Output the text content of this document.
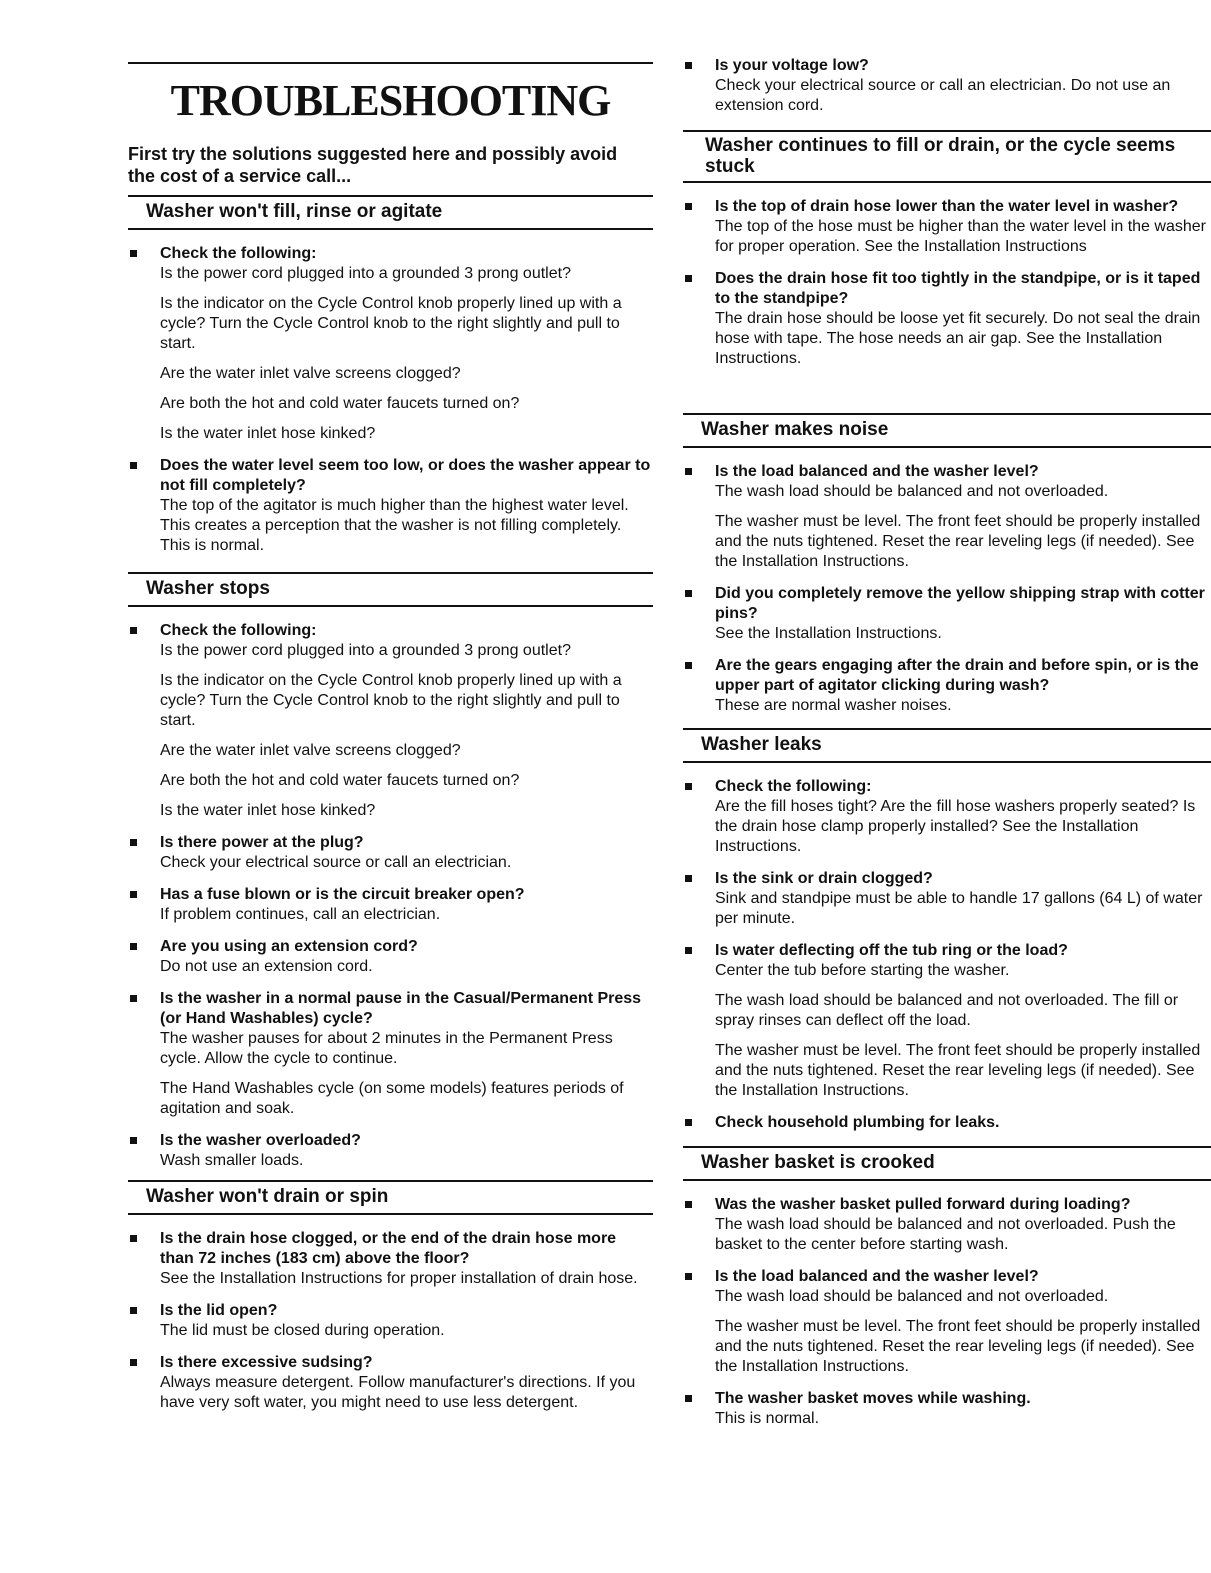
TROUBLESHOOTING
First try the solutions suggested here and possibly avoid the cost of a service call...
Washer won't fill, rinse or agitate
Check the following:
Is the power cord plugged into a grounded 3 prong outlet?
Is the indicator on the Cycle Control knob properly lined up with a cycle? Turn the Cycle Control knob to the right slightly and pull to start.
Are the water inlet valve screens clogged?
Are both the hot and cold water faucets turned on?
Is the water inlet hose kinked?
Does the water level seem too low, or does the washer appear to not fill completely?
The top of the agitator is much higher than the highest water level. This creates a perception that the washer is not filling completely. This is normal.
Washer stops
Check the following:
Is the power cord plugged into a grounded 3 prong outlet?
Is the indicator on the Cycle Control knob properly lined up with a cycle? Turn the Cycle Control knob to the right slightly and pull to start.
Are the water inlet valve screens clogged?
Are both the hot and cold water faucets turned on?
Is the water inlet hose kinked?
Is there power at the plug?
Check your electrical source or call an electrician.
Has a fuse blown or is the circuit breaker open?
If problem continues, call an electrician.
Are you using an extension cord?
Do not use an extension cord.
Is the washer in a normal pause in the Casual/Permanent Press (or Hand Washables) cycle?
The washer pauses for about 2 minutes in the Permanent Press cycle. Allow the cycle to continue.
The Hand Washables cycle (on some models) features periods of agitation and soak.
Is the washer overloaded?
Wash smaller loads.
Washer won't drain or spin
Is the drain hose clogged, or the end of the drain hose more than 72 inches (183 cm) above the floor?
See the Installation Instructions for proper installation of drain hose.
Is the lid open?
The lid must be closed during operation.
Is there excessive sudsing?
Always measure detergent. Follow manufacturer's directions. If you have very soft water, you might need to use less detergent.
Is your voltage low?
Check your electrical source or call an electrician. Do not use an extension cord.
Washer continues to fill or drain, or the cycle seems stuck
Is the top of drain hose lower than the water level in washer?
The top of the hose must be higher than the water level in the washer for proper operation. See the Installation Instructions
Does the drain hose fit too tightly in the standpipe, or is it taped to the standpipe?
The drain hose should be loose yet fit securely. Do not seal the drain hose with tape. The hose needs an air gap. See the Installation Instructions.
Washer makes noise
Is the load balanced and the washer level?
The wash load should be balanced and not overloaded.
The washer must be level. The front feet should be properly installed and the nuts tightened. Reset the rear leveling legs (if needed). See the Installation Instructions.
Did you completely remove the yellow shipping strap with cotter pins?
See the Installation Instructions.
Are the gears engaging after the drain and before spin, or is the upper part of agitator clicking during wash?
These are normal washer noises.
Washer leaks
Check the following:
Are the fill hoses tight? Are the fill hose washers properly seated? Is the drain hose clamp properly installed? See the Installation Instructions.
Is the sink or drain clogged?
Sink and standpipe must be able to handle 17 gallons (64 L) of water per minute.
Is water deflecting off the tub ring or the load?
Center the tub before starting the washer.
The wash load should be balanced and not overloaded. The fill or spray rinses can deflect off the load.
The washer must be level. The front feet should be properly installed and the nuts tightened. Reset the rear leveling legs (if needed). See the Installation Instructions.
Check household plumbing for leaks.
Washer basket is crooked
Was the washer basket pulled forward during loading?
The wash load should be balanced and not overloaded. Push the basket to the center before starting wash.
Is the load balanced and the washer level?
The wash load should be balanced and not overloaded.
The washer must be level. The front feet should be properly installed and the nuts tightened. Reset the rear leveling legs (if needed). See the Installation Instructions.
The washer basket moves while washing.
This is normal.
